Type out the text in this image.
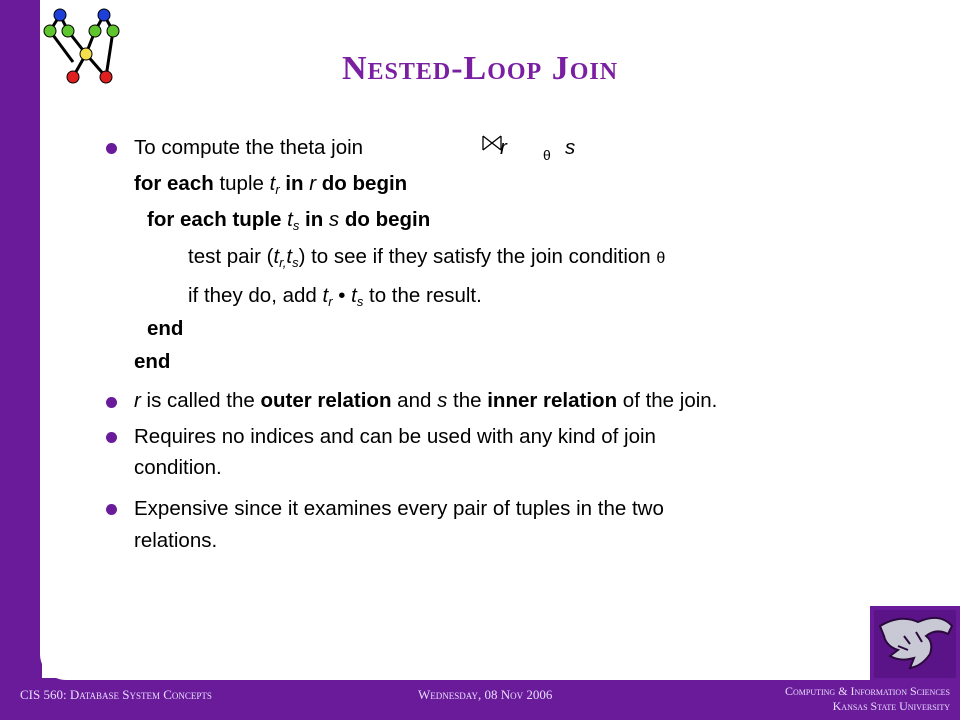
Nested-Loop Join
To compute the theta join	r	θ s
for each tuple $t_r$ in r do begin
for each tuple $t_s$ in s do begin
test pair $(t_{r,}t_s)$ to see if they satisfy the join condition θ
if they do, add $t_r$ • $t_s$ to the result.
end
end
r is called the outer relation and s the inner relation of the join.
Requires no indices and can be used with any kind of join
condition.
Expensive since it examines every pair of tuples in the two
relations.
CIS 560: Database System Concepts	Wednesday, 08 Nov 2006	Computing & Information Sciences
Kansas State University
